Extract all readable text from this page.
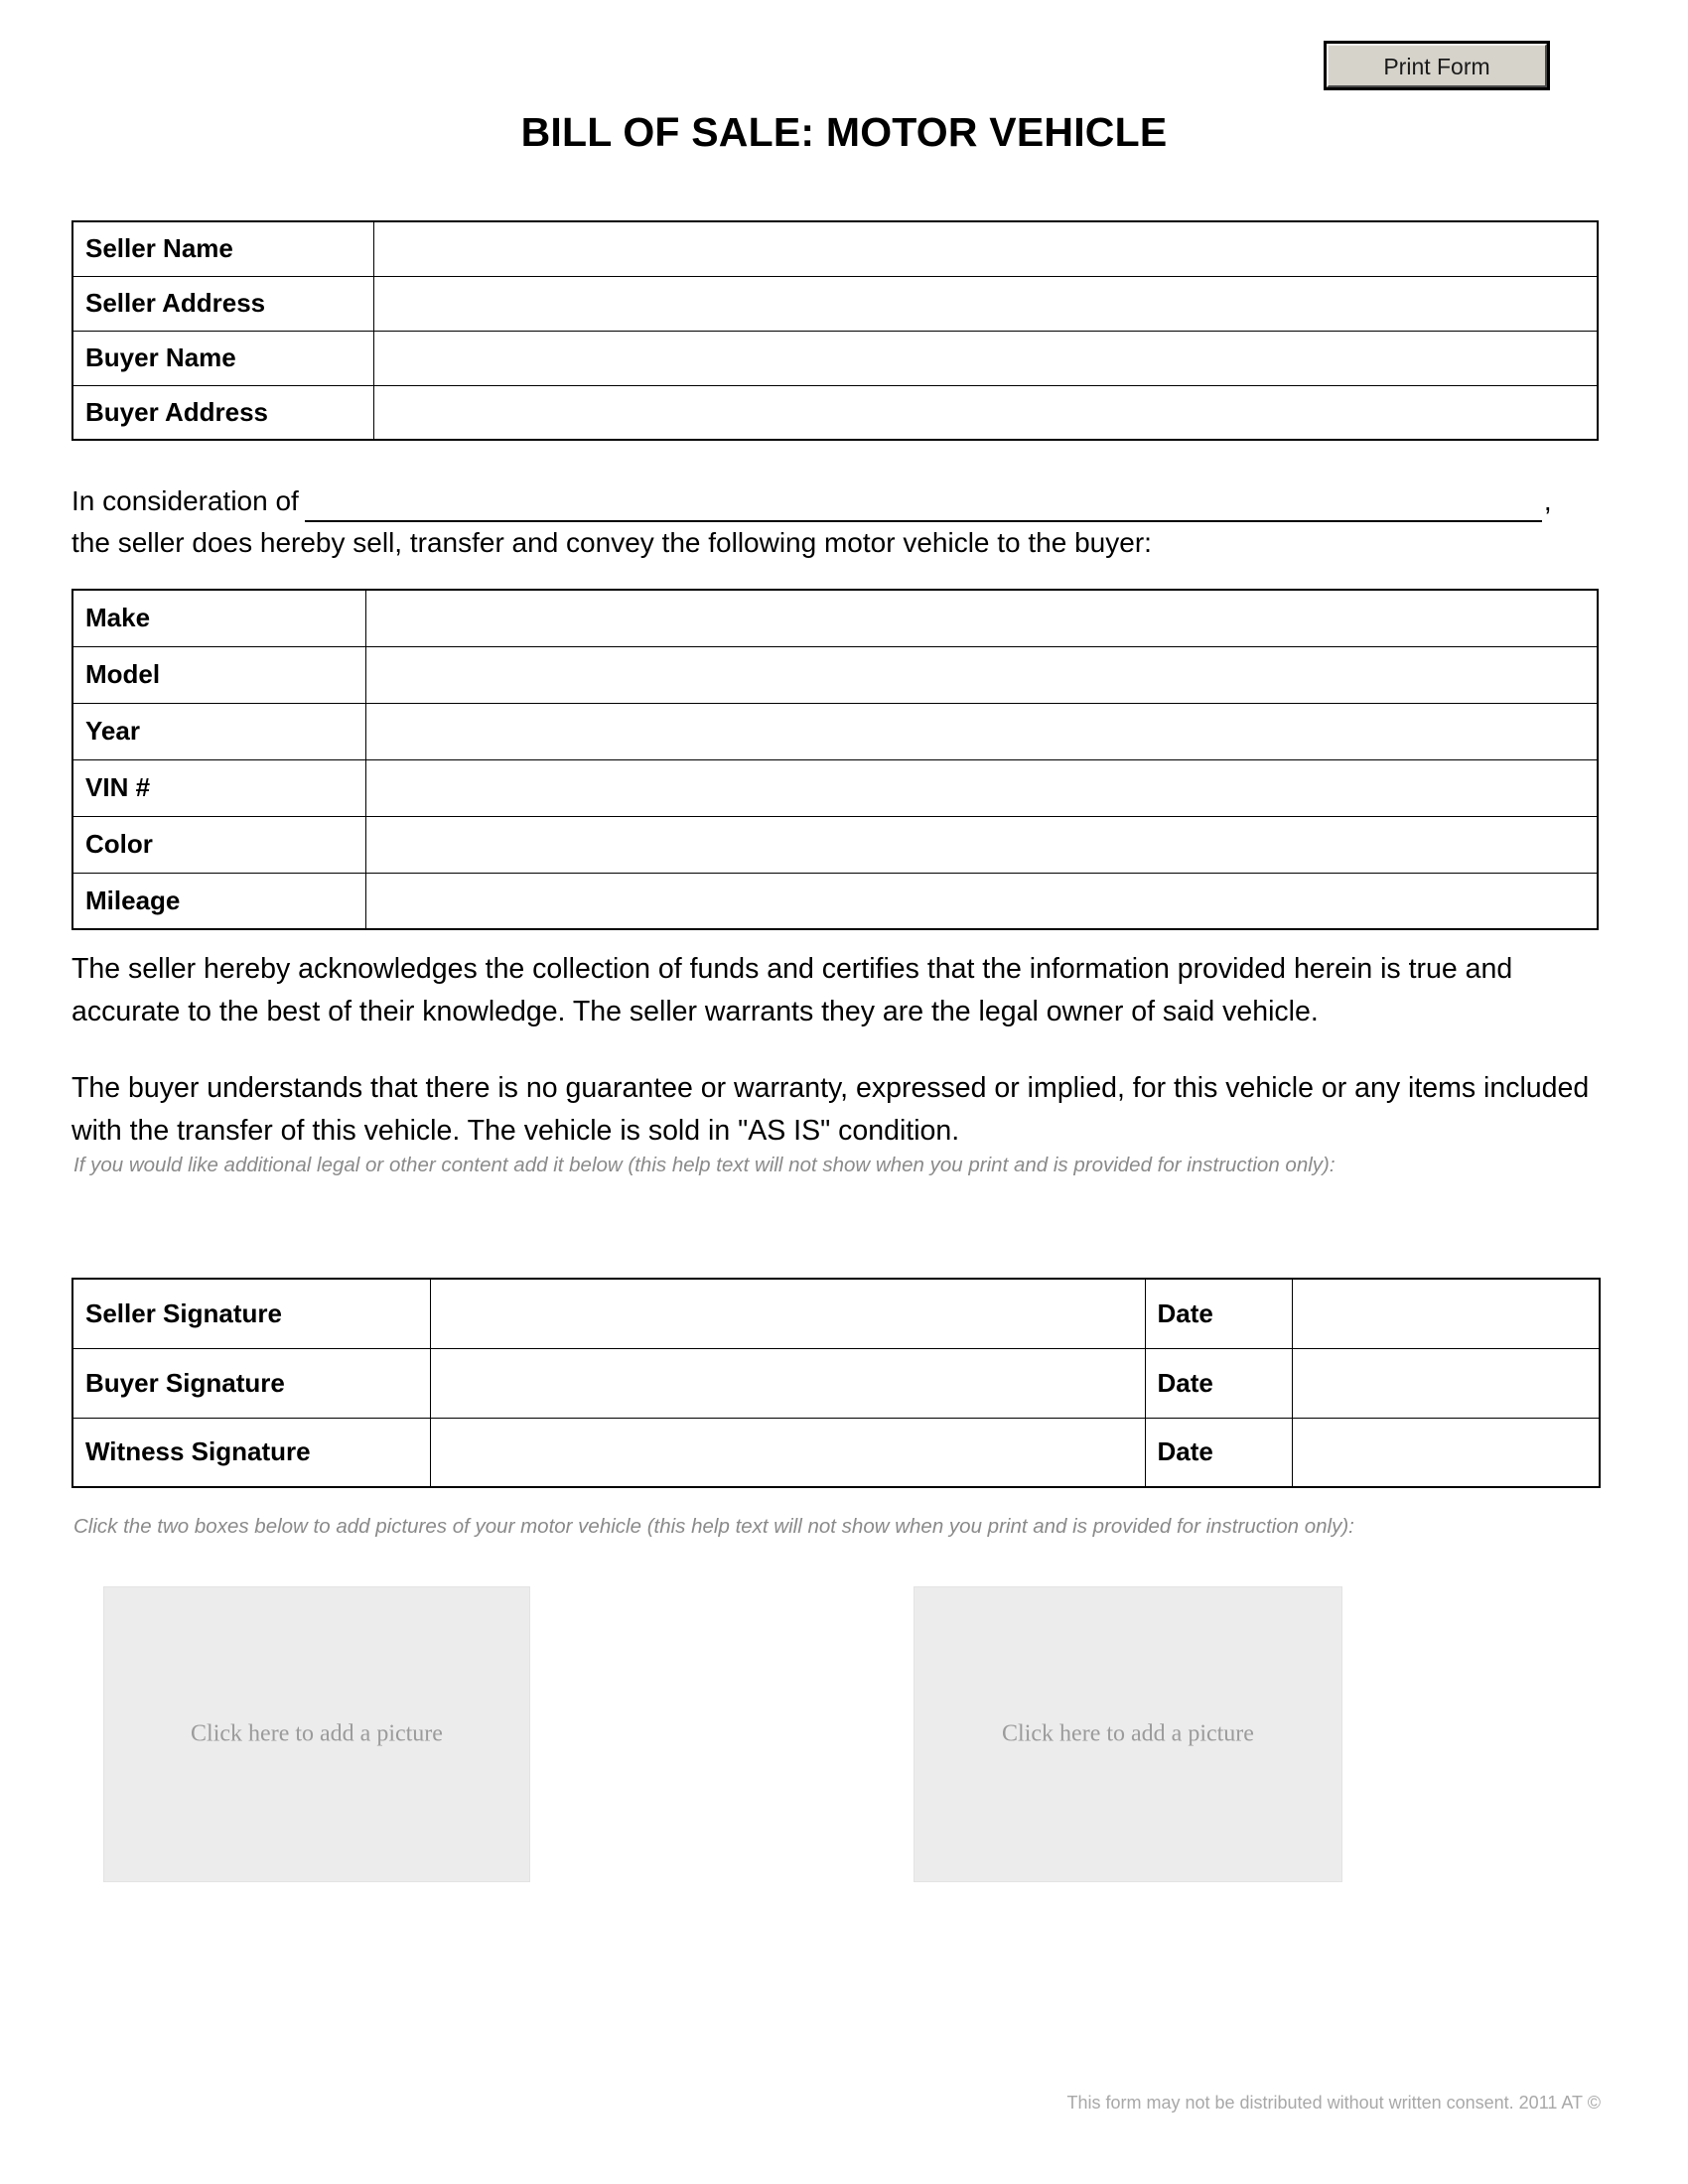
Print Form
BILL OF SALE: MOTOR VEHICLE
Seller Name	
Seller Address	
Buyer Name	
Buyer Address	
In consideration of	,
the seller does hereby sell, transfer and convey the following motor vehicle to the buyer:
Make	
Model	
Year	
VIN #	
Color	
Mileage	
The seller hereby acknowledges the collection of funds and certifies that the information provided herein is true and accurate to the best of their knowledge. The seller warrants they are the legal owner of said vehicle.
The buyer understands that there is no guarantee or warranty, expressed or implied, for this vehicle or any items included with the transfer of this vehicle. The vehicle is sold in "AS IS" condition.
If you would like additional legal or other content add it below (this help text will not show when you print and is provided for instruction only):
Seller Signature		Date	
Buyer Signature		Date	
Witness Signature		Date	
Click the two boxes below to add pictures of your motor vehicle (this help text will not show when you print and is provided for instruction only):
Click here to add a picture	Click here to add a picture
This form may not be distributed without written consent. 2011 AT ©
